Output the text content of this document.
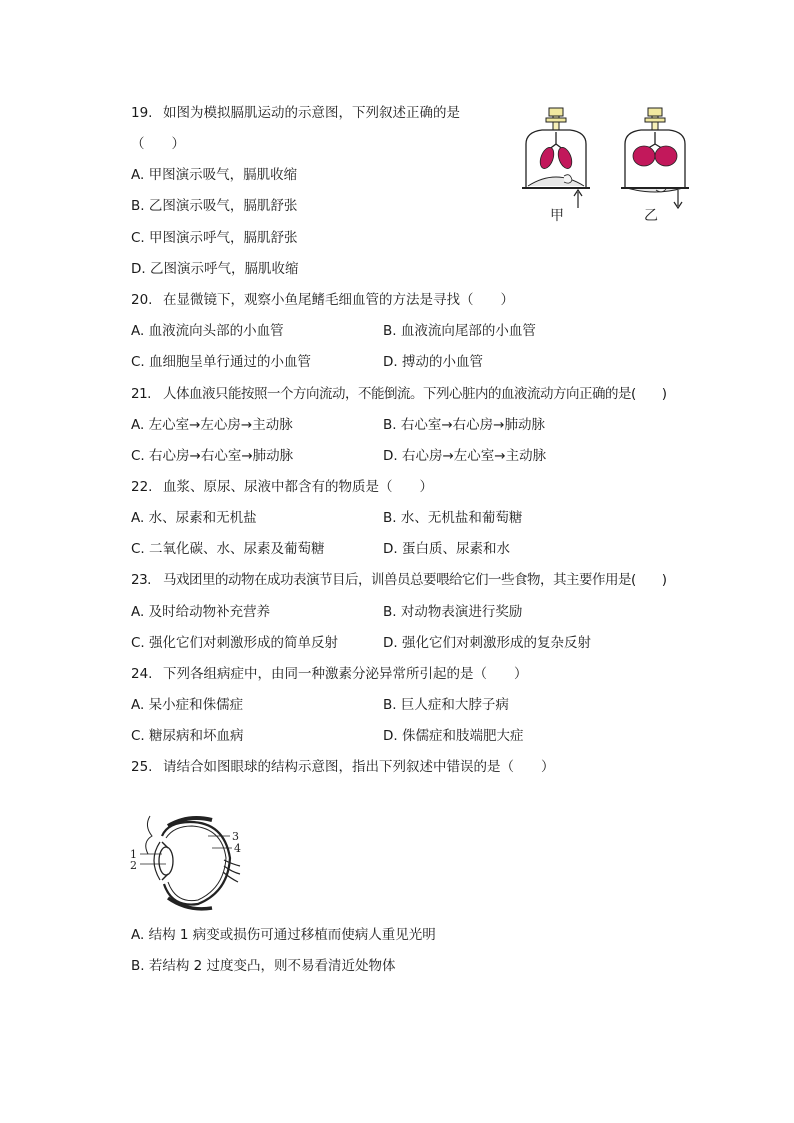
19. 如图为模拟膈肌运动的示意图，下列叙述正确的是
（　　）
A. 甲图演示吸气，膈肌收缩
B. 乙图演示吸气，膈肌舒张
C. 甲图演示呼气，膈肌舒张
D. 乙图演示呼气，膈肌收缩
甲	乙
20. 在显微镜下，观察小鱼尾鳍毛细血管的方法是寻找（　　）
A. 血液流向头部的小血管	B. 血液流向尾部的小血管
C. 血细胞呈单行通过的小血管	D. 搏动的小血管
21. 人体血液只能按照一个方向流动，不能倒流。下列心脏内的血液流动方向正确的是(　　)
A. 左心室→左心房→主动脉	B. 右心室→右心房→肺动脉
C. 右心房→右心室→肺动脉	D. 右心房→左心室→主动脉
22. 血浆、原尿、尿液中都含有的物质是（　　）
A. 水、尿素和无机盐	B. 水、无机盐和葡萄糖
C. 二氧化碳、水、尿素及葡萄糖	D. 蛋白质、尿素和水
23. 马戏团里的动物在成功表演节目后，训兽员总要喂给它们一些食物，其主要作用是(　　)
A. 及时给动物补充营养	B. 对动物表演进行奖励
C. 强化它们对刺激形成的简单反射	D. 强化它们对刺激形成的复杂反射
24. 下列各组病症中，由同一种激素分泌异常所引起的是（　　）
A. 呆小症和侏儒症	B. 巨人症和大脖子病
C. 糖尿病和坏血病	D. 侏儒症和肢端肥大症
25. 请结合如图眼球的结构示意图，指出下列叙述中错误的是（　　）
1
2
3
4
A. 结构 1 病变或损伤可通过移植而使病人重见光明
B. 若结构 2 过度变凸，则不易看清近处物体
